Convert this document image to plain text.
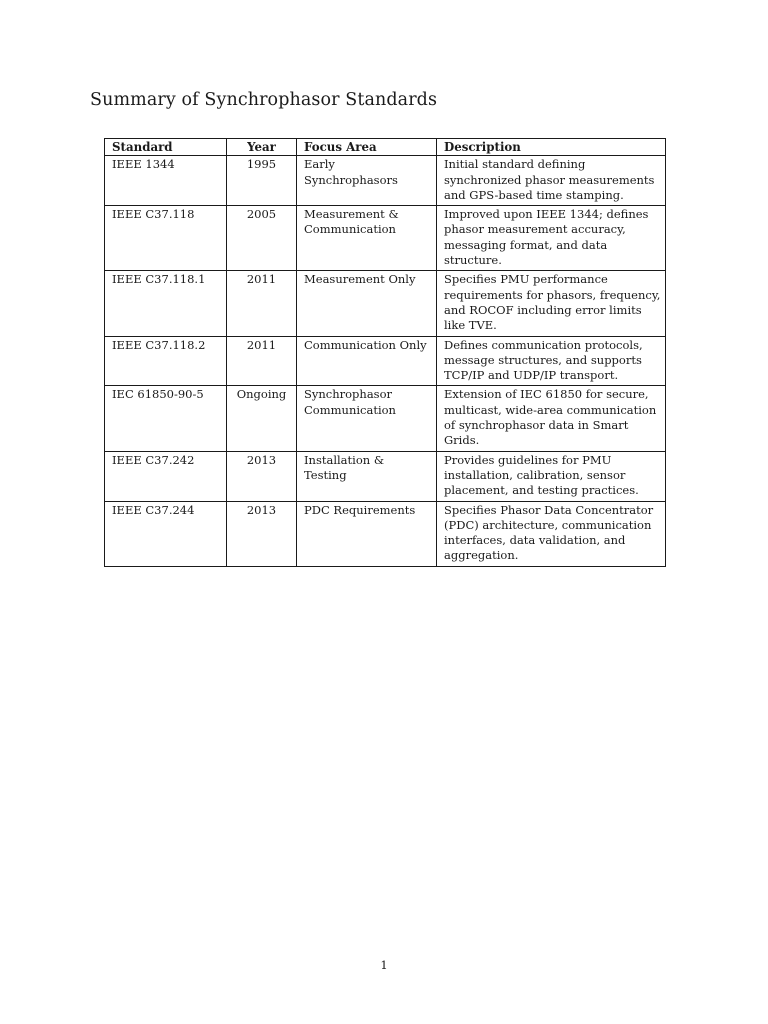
Summary of Synchrophasor Standards
Standard	Year	Focus Area	Description
IEEE 1344	1995	Early Synchrophasors	Initial standard defining synchronized phasor measurements and GPS-based time stamping.
IEEE C37.118	2005	Measurement & Communication	Improved upon IEEE 1344; defines phasor measurement accuracy, messaging format, and data structure.
IEEE C37.118.1	2011	Measurement Only	Specifies PMU performance requirements for phasors, frequency, and ROCOF including error limits like TVE.
IEEE C37.118.2	2011	Communication Only	Defines communication protocols, message structures, and supports TCP/IP and UDP/IP transport.
IEC 61850-90-5	Ongoing	Synchrophasor Communication	Extension of IEC 61850 for secure, multicast, wide-area communication of synchrophasor data in Smart Grids.
IEEE C37.242	2013	Installation & Testing	Provides guidelines for PMU installation, calibration, sensor placement, and testing practices.
IEEE C37.244	2013	PDC Requirements	Specifies Phasor Data Concentrator (PDC) architecture, communication interfaces, data validation, and aggregation.
1
